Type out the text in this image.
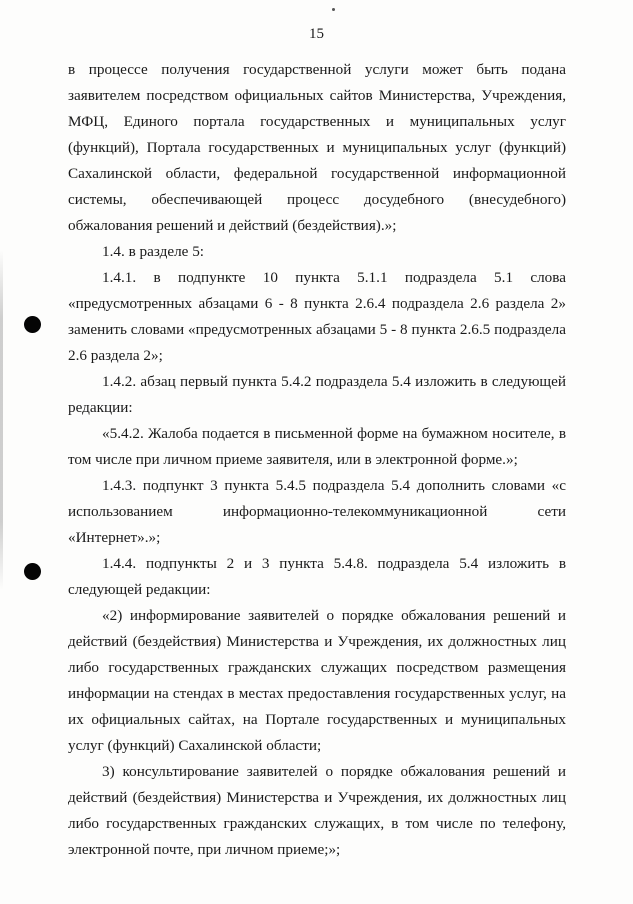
15

в процессе получения государственной услуги может быть подана заявителем посредством официальных сайтов Министерства, Учреждения, МФЦ, Единого портала государственных и муниципальных услуг (функций), Портала государственных и муниципальных услуг (функций) Сахалинской области, федеральной государственной информационной системы, обеспечивающей процесс досудебного (внесудебного) обжалования решений и действий (бездействия).»;

1.4. в разделе 5:

1.4.1. в подпункте 10 пункта 5.1.1 подраздела 5.1 слова «предусмотренных абзацами 6 - 8 пункта 2.6.4 подраздела 2.6 раздела 2» заменить словами «предусмотренных абзацами 5 - 8 пункта 2.6.5 подраздела 2.6 раздела 2»;

1.4.2. абзац первый пункта 5.4.2 подраздела 5.4 изложить в следующей редакции:

«5.4.2. Жалоба подается в письменной форме на бумажном носителе, в том числе при личном приеме заявителя, или в электронной форме.»;

1.4.3. подпункт 3 пункта 5.4.5 подраздела 5.4 дополнить словами «с использованием информационно-телекоммуникационной сети «Интернет».»;

1.4.4. подпункты 2 и 3 пункта 5.4.8. подраздела 5.4 изложить в следующей редакции:

«2) информирование заявителей о порядке обжалования решений и действий (бездействия) Министерства и Учреждения, их должностных лиц либо государственных гражданских служащих посредством размещения информации на стендах в местах предоставления государственных услуг, на их официальных сайтах, на Портале государственных и муниципальных услуг (функций) Сахалинской области;

3) консультирование заявителей о порядке обжалования решений и действий (бездействия) Министерства и Учреждения, их должностных лиц либо государственных гражданских служащих, в том числе по телефону, электронной почте, при личном приеме;»;
